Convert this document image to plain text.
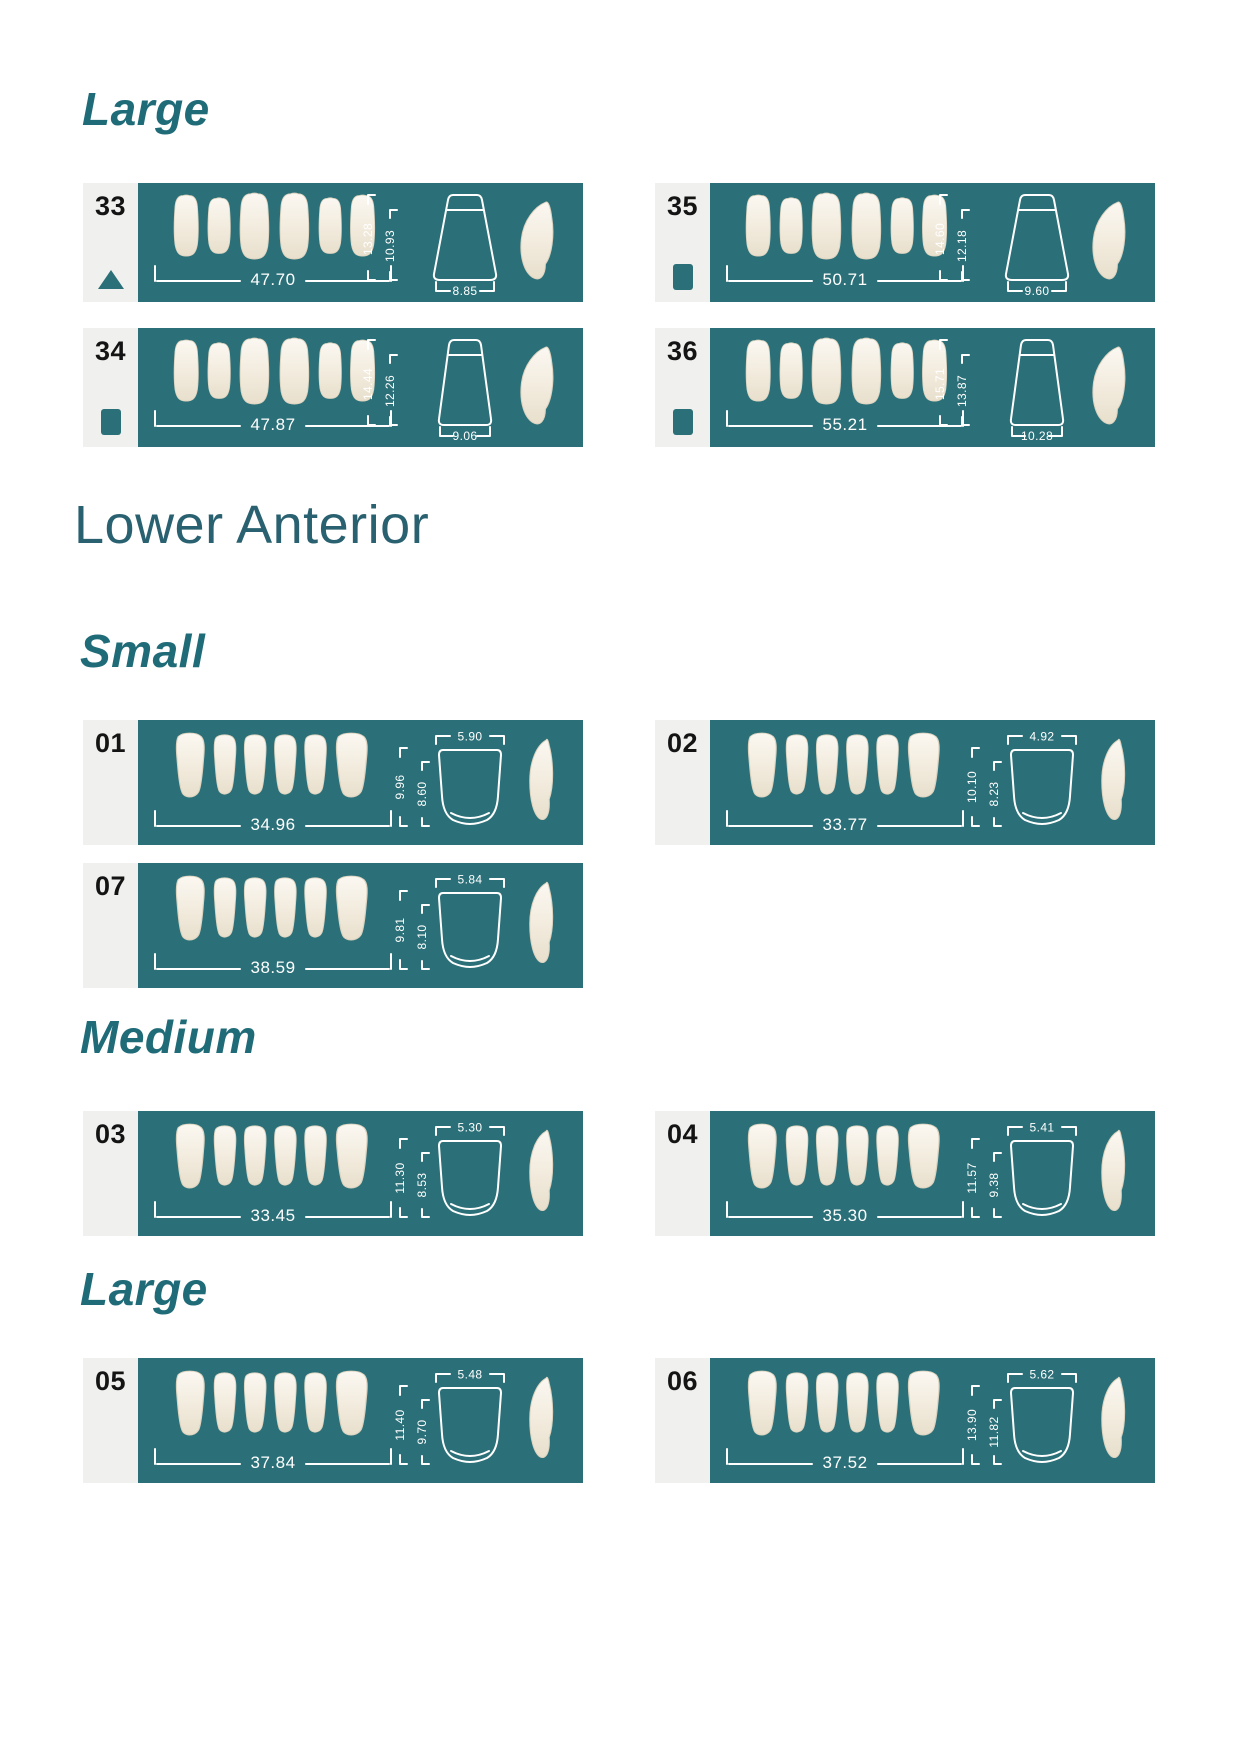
Large
Lower Anterior
Small
Medium
Large
33
47.70
13.28 10.93
8.85
35
50.71
14.60 12.18
9.60
34
47.87
14.44 12.26
9.06
36
55.21
15.71 13.87
10.28
01
34.96
5.90
9.96 8.60
02
33.77
4.92
10.10 8.23
07
38.59
5.84
9.81 8.10
03
33.45
5.30
11.30 8.53
04
35.30
5.41
11.57 9.38
05
37.84
5.48
11.40 9.70
06
37.52
5.62
13.90 11.82
